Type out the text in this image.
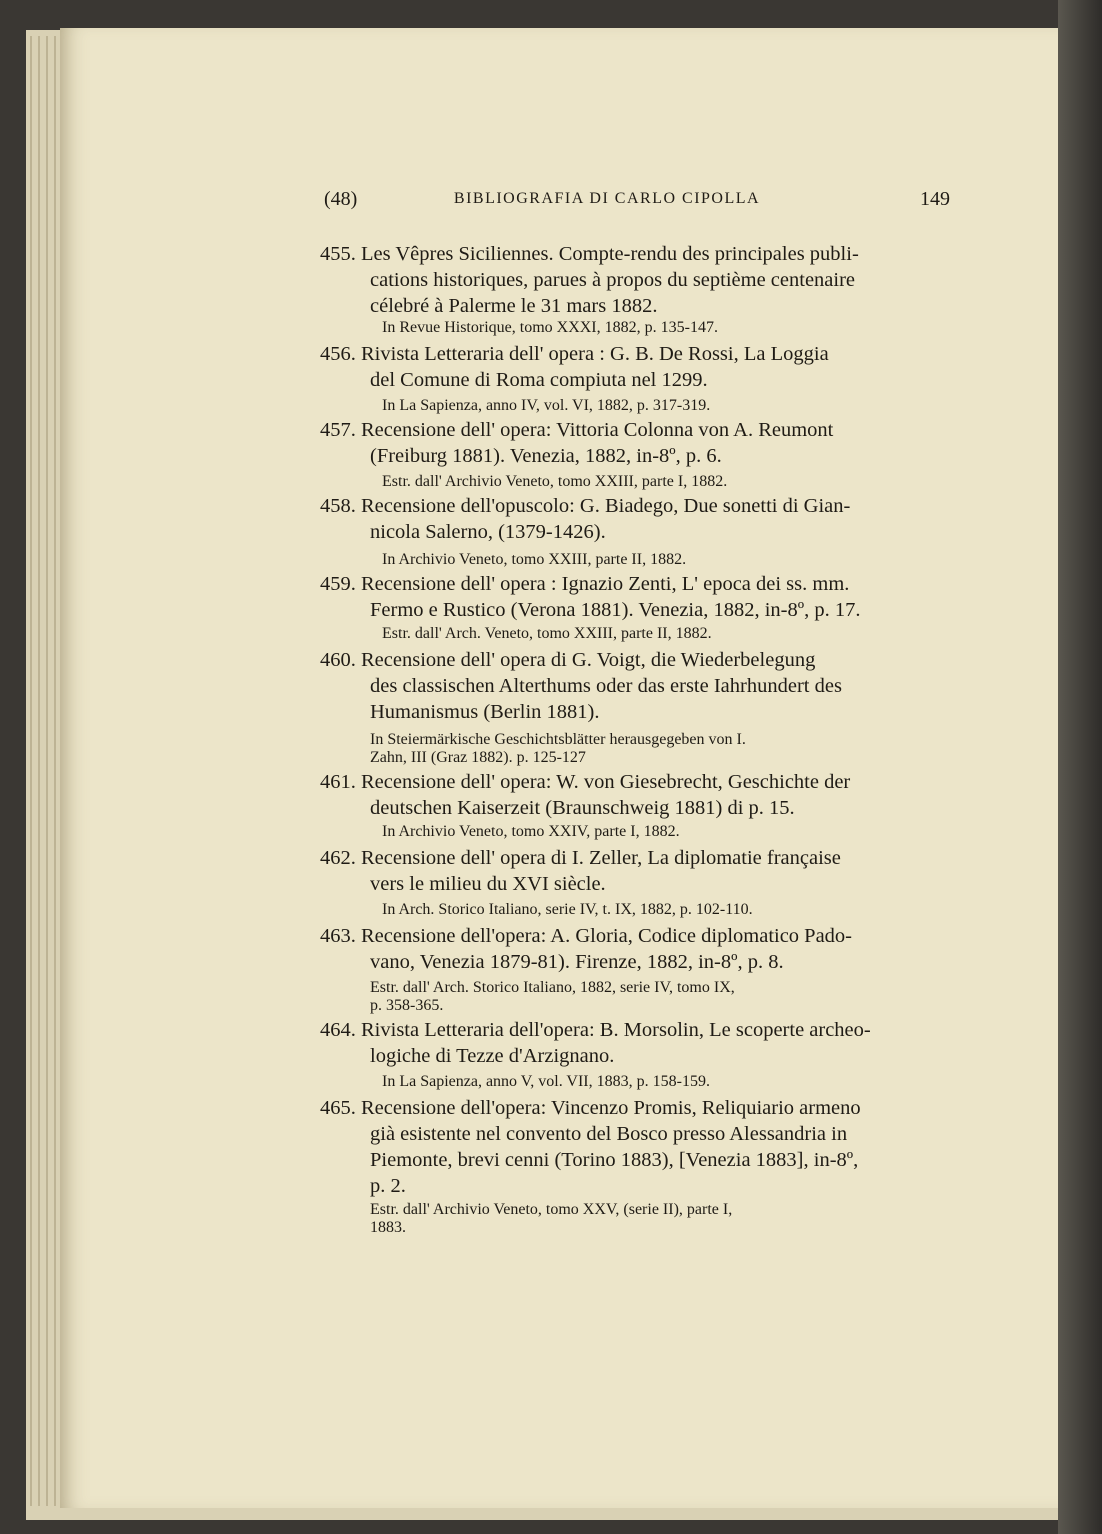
(48)	BIBLIOGRAFIA DI CARLO CIPOLLA	149
455. Les Vêpres Siciliennes. Compte-rendu des principales publi-
cations historiques, parues à propos du septième centenaire
célebré à Palerme le 31 mars 1882.
In Revue Historique, tomo XXXI, 1882, p. 135-147.
456. Rivista Letteraria dell' opera : G. B. De Rossi, La Loggia
del Comune di Roma compiuta nel 1299.
In La Sapienza, anno IV, vol. VI, 1882, p. 317-319.
457. Recensione dell' opera: Vittoria Colonna von A. Reumont
(Freiburg 1881). Venezia, 1882, in-8º, p. 6.
Estr. dall' Archivio Veneto, tomo XXIII, parte I, 1882.
458. Recensione dell'opuscolo: G. Biadego, Due sonetti di Gian-
nicola Salerno, (1379-1426).
In Archivio Veneto, tomo XXIII, parte II, 1882.
459. Recensione dell' opera : Ignazio Zenti, L' epoca dei ss. mm.
Fermo e Rustico (Verona 1881). Venezia, 1882, in-8º, p. 17.
Estr. dall' Arch. Veneto, tomo XXIII, parte II, 1882.
460. Recensione dell' opera di G. Voigt, die Wiederbelegung
des classischen Alterthums oder das erste Iahrhundert des
Humanismus (Berlin 1881).
In Steiermärkische Geschichtsblätter herausgegeben von I.
Zahn, III (Graz 1882). p. 125-127
461. Recensione dell' opera: W. von Giesebrecht, Geschichte der
deutschen Kaiserzeit (Braunschweig 1881) di p. 15.
In Archivio Veneto, tomo XXIV, parte I, 1882.
462. Recensione dell' opera di I. Zeller, La diplomatie française
vers le milieu du XVI siècle.
In Arch. Storico Italiano, serie IV, t. IX, 1882, p. 102-110.
463. Recensione dell'opera: A. Gloria, Codice diplomatico Pado-
vano, Venezia 1879-81). Firenze, 1882, in-8º, p. 8.
Estr. dall' Arch. Storico Italiano, 1882, serie IV, tomo IX,
p. 358-365.
464. Rivista Letteraria dell'opera: B. Morsolin, Le scoperte archeo-
logiche di Tezze d'Arzignano.
In La Sapienza, anno V, vol. VII, 1883, p. 158-159.
465. Recensione dell'opera: Vincenzo Promis, Reliquiario armeno
già esistente nel convento del Bosco presso Alessandria in
Piemonte, brevi cenni (Torino 1883), [Venezia 1883], in-8º,
p. 2.
Estr. dall' Archivio Veneto, tomo XXV, (serie II), parte I,
1883.
